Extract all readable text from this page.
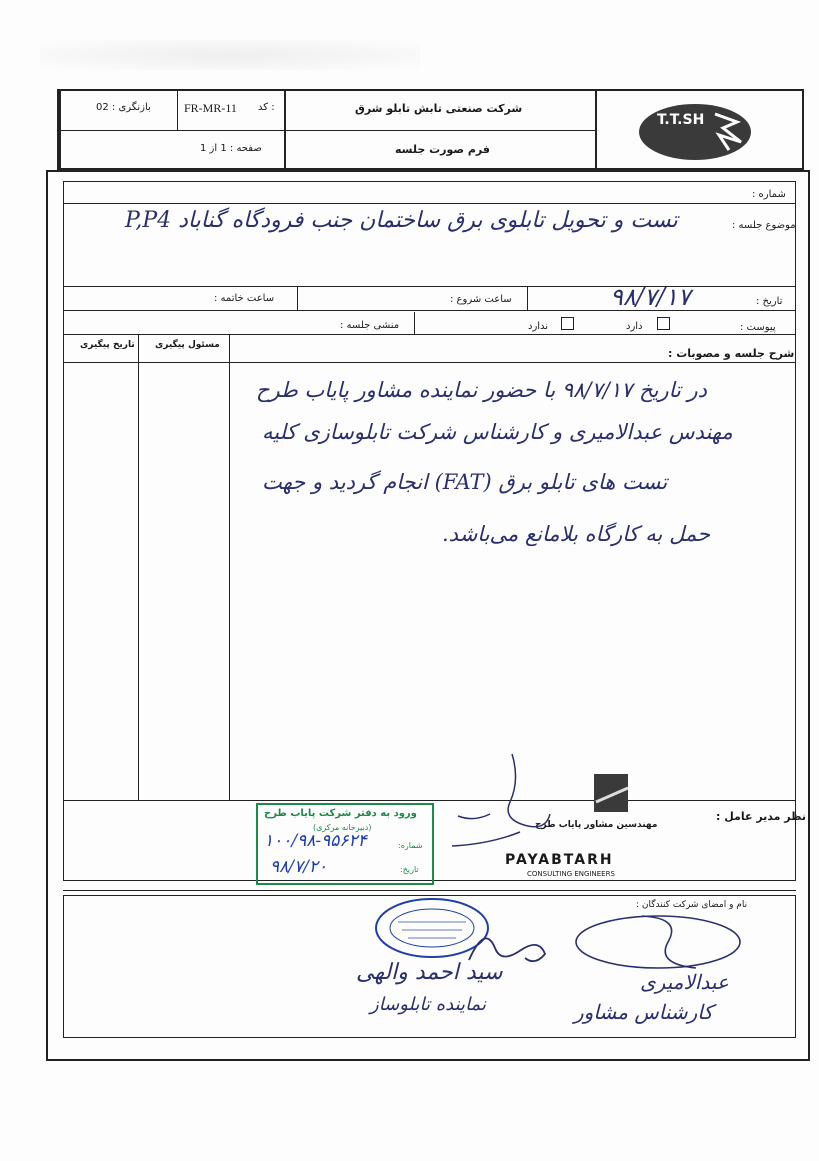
بازنگری : 02	FR-MR-11 کد :
صفحه : 1 از 1
شرکت صنعتی تابش تابلو شرق
فرم صورت جلسه
T.T.SH
شماره :
موضوع جلسه :
تست و تحویل تابلوی برق ساختمان جنب فرودگاه گناباد P,P4
تاریخ :
۹۸/۷/۱۷
ساعت شروع :
ساعت خاتمه :
پیوست :
دارد
ندارد
منشی جلسه :
شرح جلسه و مصوبات :
مسئول پیگیری
تاریخ پیگیری
در تاریخ ۹۸/۷/۱۷ با حضور نماینده مشاور پایاب طرح
مهندس عبدالامیری و کارشناس شرکت تابلوسازی کلیه
تست های تابلو برق (FAT) انجام گردید و جهت
حمل به کارگاه بلامانع می‌باشد.
نظر مدیر عامل :
نام و امضای شرکت کنندگان :
ورود به دفتر شرکت پایاب طرح
(دبیرخانه مرکزی)
شماره:
۱۰۰/۹۸-۹۵۶۲۴
تاریخ:
۹۸/۷/۲۰
مهندسین مشاور پایاب طرح
PAYABTARH
CONSULTING ENGINEERS
سید احمد والهی
نماینده تابلوساز
عبدالامیری
کارشناس مشاور
